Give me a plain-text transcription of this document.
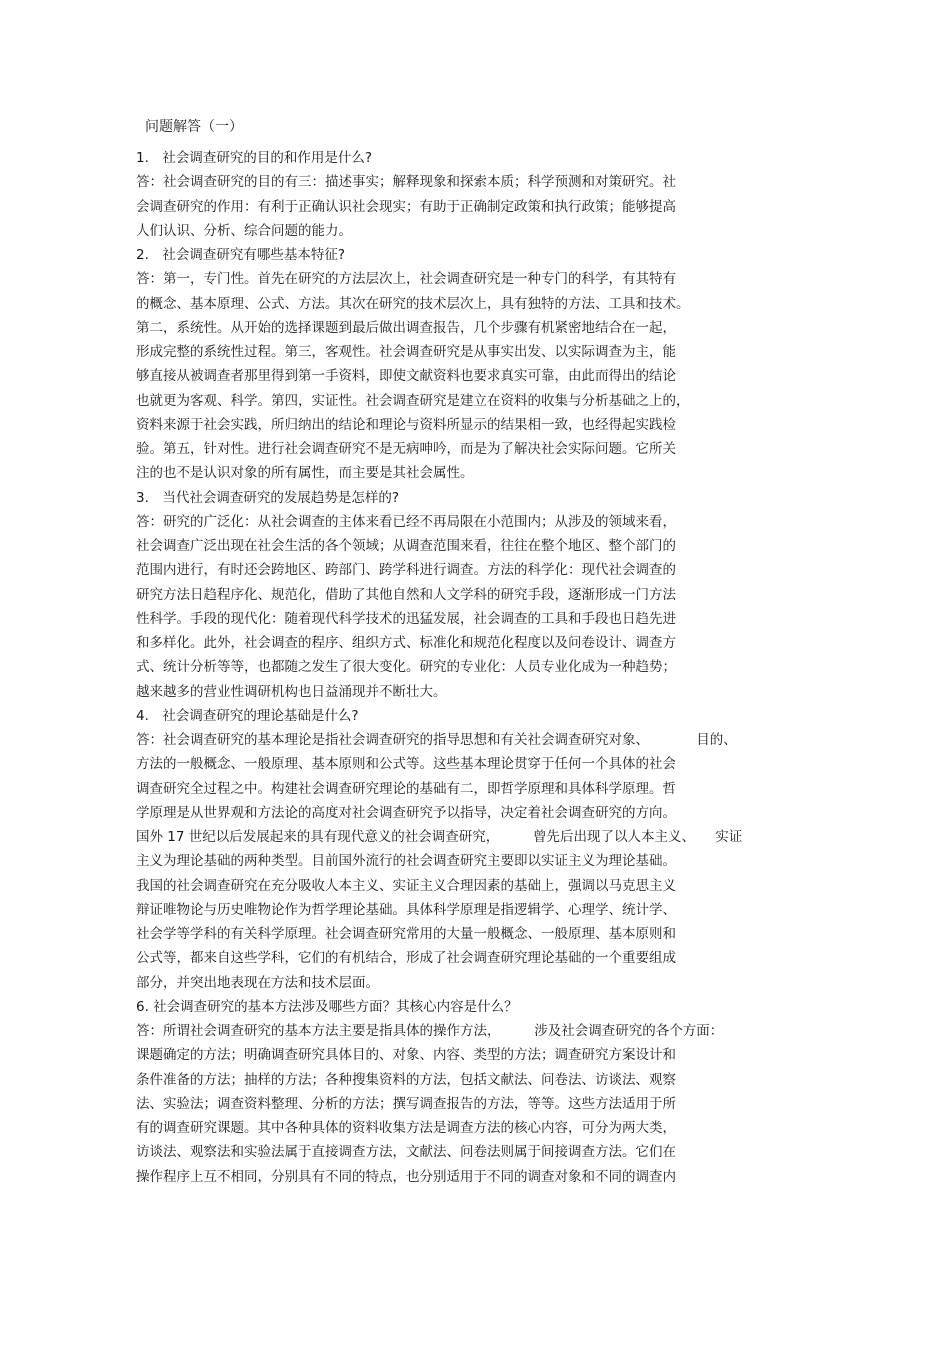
问题解答（一）
1.　社会调查研究的目的和作用是什么?
答：社会调查研究的目的有三：描述事实；解释现象和探索本质；科学预测和对策研究。社
会调查研究的作用：有利于正确认识社会现实；有助于正确制定政策和执行政策；能够提高
人们认识、分析、综合问题的能力。
2.　社会调查研究有哪些基本特征?
答：第一，专门性。首先在研究的方法层次上，社会调查研究是一种专门的科学，有其特有
的概念、基本原理、公式、方法。其次在研究的技术层次上，具有独特的方法、工具和技术。
第二，系统性。从开始的选择课题到最后做出调查报告，几个步骤有机紧密地结合在一起，
形成完整的系统性过程。第三，客观性。社会调查研究是从事实出发、以实际调查为主，能
够直接从被调查者那里得到第一手资料，即使文献资料也要求真实可靠，由此而得出的结论
也就更为客观、科学。第四，实证性。社会调查研究是建立在资料的收集与分析基础之上的，
资料来源于社会实践，所归纳出的结论和理论与资料所显示的结果相一致，也经得起实践检
验。第五，针对性。进行社会调查研究不是无病呻吟，而是为了解决社会实际问题。它所关
注的也不是认识对象的所有属性，而主要是其社会属性。
3.　当代社会调查研究的发展趋势是怎样的?
答：研究的广泛化：从社会调查的主体来看已经不再局限在小范围内；从涉及的领域来看，
社会调查广泛出现在社会生活的各个领域；从调查范围来看，往往在整个地区、整个部门的
范围内进行，有时还会跨地区、跨部门、跨学科进行调查。方法的科学化：现代社会调查的
研究方法日趋程序化、规范化，借助了其他自然和人文学科的研究手段，逐渐形成一门方法
性科学。手段的现代化：随着现代科学技术的迅猛发展，社会调查的工具和手段也日趋先进
和多样化。此外，社会调查的程序、组织方式、标准化和规范化程度以及问卷设计、调查方
式、统计分析等等，也都随之发生了很大变化。研究的专业化：人员专业化成为一种趋势；
越来越多的营业性调研机构也日益涌现并不断壮大。
4.　社会调查研究的理论基础是什么?
答：社会调查研究的基本理论是指社会调查研究的指导思想和有关社会调查研究对象、　　　　目的、
方法的一般概念、一般原理、基本原则和公式等。这些基本理论贯穿于任何一个具体的社会
调查研究全过程之中。构建社会调查研究理论的基础有二，即哲学原理和具体科学原理。哲
学原理是从世界观和方法论的高度对社会调查研究予以指导，决定着社会调查研究的方向。
国外 17 世纪以后发展起来的具有现代意义的社会调查研究，　　　曾先后出现了以人本主义、　　实证
主义为理论基础的两种类型。目前国外流行的社会调查研究主要即以实证主义为理论基础。
我国的社会调查研究在充分吸收人本主义、实证主义合理因素的基础上，强调以马克思主义
辩证唯物论与历史唯物论作为哲学理论基础。具体科学原理是指逻辑学、心理学、统计学、
社会学等学科的有关科学原理。社会调查研究常用的大量一般概念、一般原理、基本原则和
公式等，都来自这些学科，它们的有机结合，形成了社会调查研究理论基础的一个重要组成
部分，并突出地表现在方法和技术层面。
6. 社会调查研究的基本方法涉及哪些方面？其核心内容是什么？
答：所谓社会调查研究的基本方法主要是指具体的操作方法，　　　涉及社会调查研究的各个方面：
课题确定的方法；明确调查研究具体目的、对象、内容、类型的方法；调查研究方案设计和
条件准备的方法；抽样的方法；各种搜集资料的方法，包括文献法、问卷法、访谈法、观察
法、实验法；调查资料整理、分析的方法；撰写调查报告的方法，等等。这些方法适用于所
有的调查研究课题。其中各种具体的资料收集方法是调查方法的核心内容，可分为两大类，
访谈法、观察法和实验法属于直接调查方法，文献法、问卷法则属于间接调查方法。它们在
操作程序上互不相同，分别具有不同的特点，也分别适用于不同的调查对象和不同的调查内
